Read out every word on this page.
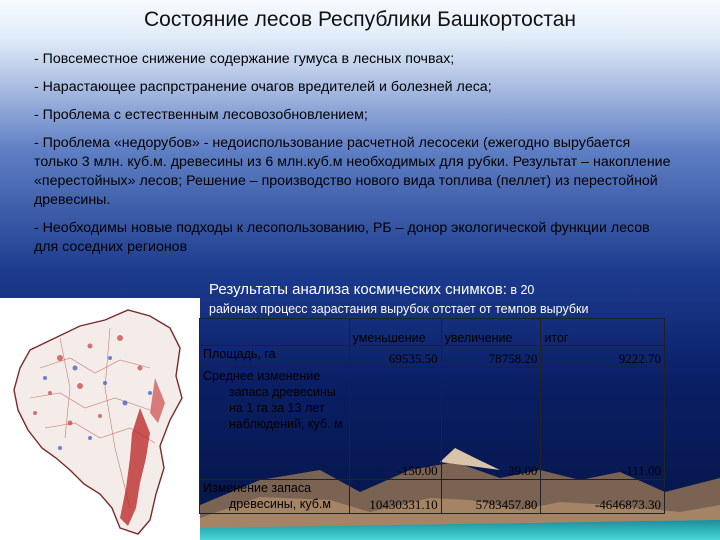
Состояние лесов Республики Башкортостан

- Повсеместное снижение содержание гумуса в лесных почвах;

- Нарастающее распрстранение очагов вредителей и болезней леса;

- Проблема с естественным лесовозобновлением;

- Проблема «недорубов» - недоиспользование расчетной лесосеки (ежегодно вырубается только 3 млн. куб.м. древесины из 6 млн.куб.м необходимых для рубки. Результат – накопление «перестойных» лесов; Решение – производство нового вида топлива (пеллет) из перестойной древесины.

- Необходимы новые подходы к лесопользованию, РБ – донор экологической функции лесов для соседних регионов

Результаты анализа космических снимков: в 20
районах процесс зарастания вырубок отстает от темпов вырубки
	уменьшение	увеличение	итог
Площадь, га	69535.50	78758.20	9222.70

Среднее изменение
запаса древесины на 1 га за 13 лет наблюдений, куб. м	-150.00	39.00	-111.00

Изменение запаса
древесины, куб.м	10430331.10	5783457.80	-4646873.30
